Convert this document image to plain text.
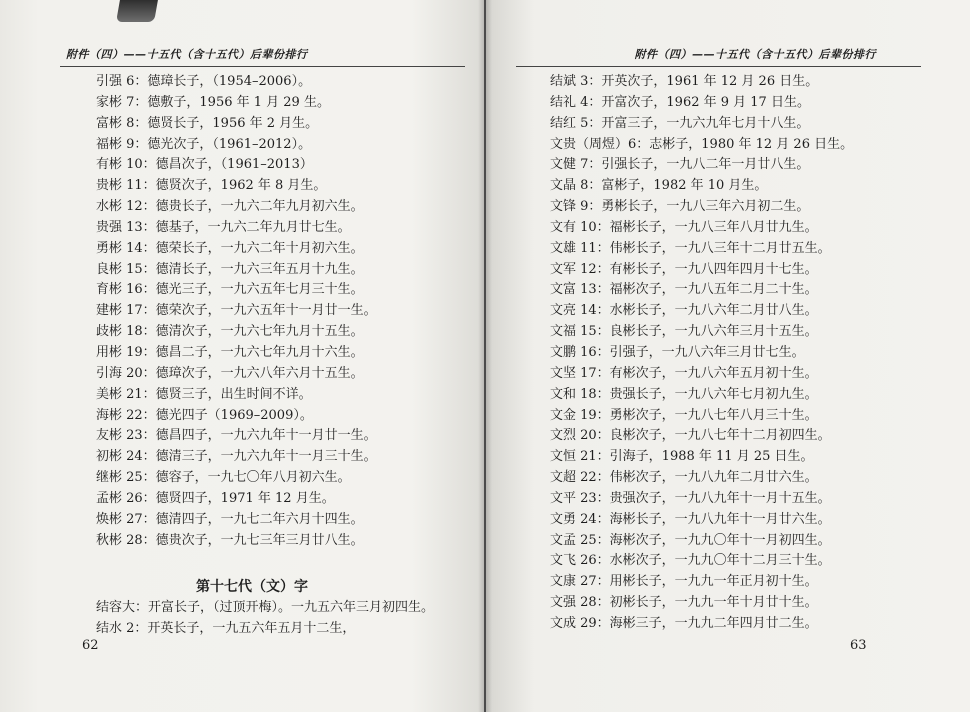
附件（四）——十五代（含十五代）后辈份排行
引强 6：德璋长子，（1954–2006）。
家彬 7：德敷子，1956 年 1 月 29 生。
富彬 8：德贤长子，1956 年 2 月生。
福彬 9：德光次子，（1961–2012）。
有彬 10：德昌次子，（1961–2013）
贵彬 11：德贤次子，1962 年 8 月生。
水彬 12：德贵长子，一九六二年九月初六生。
贵强 13：德基子，一九六二年九月廿七生。
勇彬 14：德荣长子，一九六二年十月初六生。
良彬 15：德清长子，一九六三年五月十九生。
育彬 16：德光三子，一九六五年七月三十生。
建彬 17：德荣次子，一九六五年十一月廿一生。
歧彬 18：德清次子，一九六七年九月十五生。
用彬 19：德昌二子，一九六七年九月十六生。
引海 20：德璋次子，一九六八年六月十五生。
美彬 21：德贤三子，出生时间不详。
海彬 22：德光四子（1969–2009）。
友彬 23：德昌四子，一九六九年十一月廿一生。
初彬 24：德清三子，一九六九年十一月三十生。
继彬 25：德容子，一九七〇年八月初六生。
孟彬 26：德贤四子，1971 年 12 月生。
焕彬 27：德清四子，一九七二年六月十四生。
秋彬 28：德贵次子，一九七三年三月廿八生。
第十七代（文）字
结容大：开富长子，（过顶开梅）。一九五六年三月初四生。
结水 2：开英长子，一九五六年五月十二生，
62
附件（四）——十五代（含十五代）后辈份排行
结斌 3：开英次子，1961 年 12 月 26 日生。
结礼 4：开富次子，1962 年 9 月 17 日生。
结红 5：开富三子，一九六九年七月十八生。
文贵（周煜）6：志彬子，1980 年 12 月 26 日生。
文健 7：引强长子，一九八二年一月廿八生。
文晶 8：富彬子，1982 年 10 月生。
文锋 9：勇彬长子，一九八三年六月初二生。
文有 10：福彬长子，一九八三年八月廿九生。
文雄 11：伟彬长子，一九八三年十二月廿五生。
文军 12：有彬长子，一九八四年四月十七生。
文富 13：福彬次子，一九八五年二月二十生。
文亮 14：水彬长子，一九八六年二月廿八生。
文福 15：良彬长子，一九八六年三月十五生。
文鹏 16：引强子，一九八六年三月廿七生。
文坚 17：有彬次子，一九八六年五月初十生。
文和 18：贵强长子，一九八六年七月初九生。
文金 19：勇彬次子，一九八七年八月三十生。
文烈 20：良彬次子，一九八七年十二月初四生。
文恒 21：引海子，1988 年 11 月 25 日生。
文超 22：伟彬次子，一九八九年二月廿六生。
文平 23：贵强次子，一九八九年十一月十五生。
文勇 24：海彬长子，一九八九年十一月廿六生。
文孟 25：海彬次子，一九九〇年十一月初四生。
文飞 26：水彬次子，一九九〇年十二月三十生。
文康 27：用彬长子，一九九一年正月初十生。
文强 28：初彬长子，一九九一年十月廿十生。
文成 29：海彬三子，一九九二年四月廿二生。
63
